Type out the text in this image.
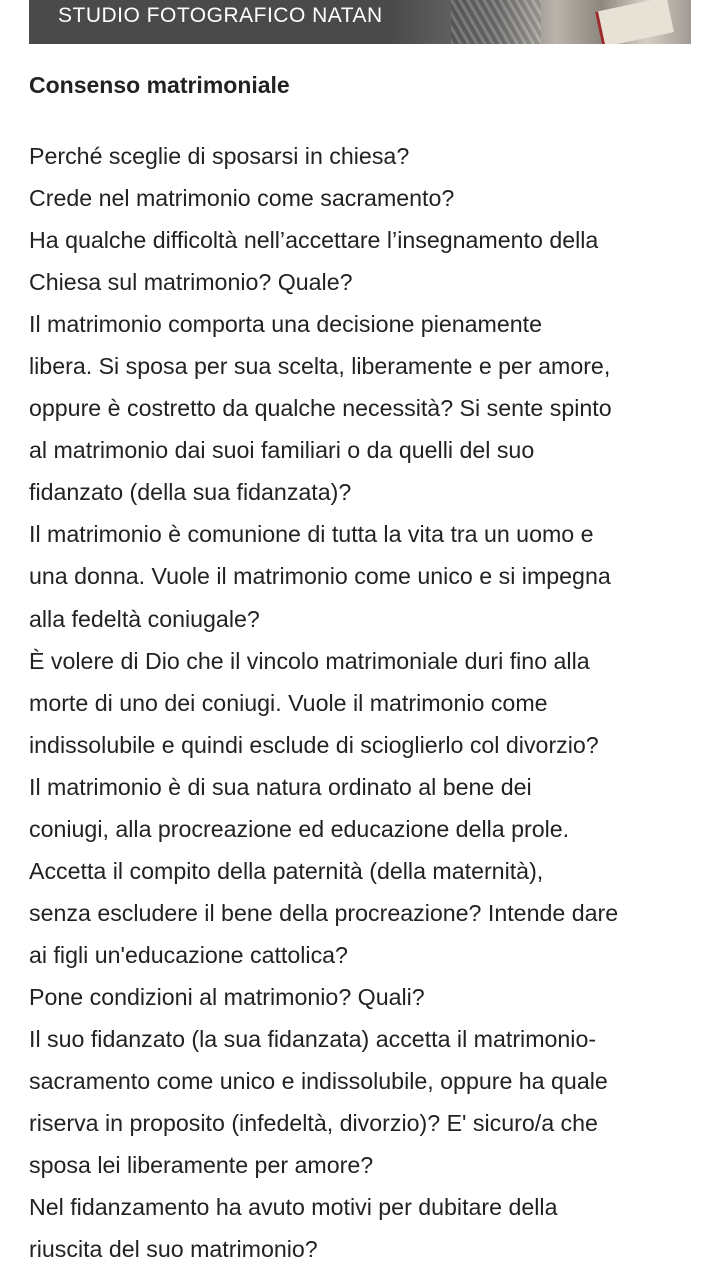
STUDIO FOTOGRAFICO NATAN
Consenso matrimoniale
Perché sceglie di sposarsi in chiesa?
Crede nel matrimonio come sacramento?
Ha qualche difficoltà nell’accettare l’insegnamento della
Chiesa sul matrimonio? Quale?
Il matrimonio comporta una decisione pienamente
libera. Si sposa per sua scelta, liberamente e per amore,
oppure è costretto da qualche necessità? Si sente spinto
al matrimonio dai suoi familiari o da quelli del suo
fidanzato (della sua fidanzata)?
Il matrimonio è comunione di tutta la vita tra un uomo e
una donna. Vuole il matrimonio come unico e si impegna
alla fedeltà coniugale?
È volere di Dio che il vincolo matrimoniale duri fino alla
morte di uno dei coniugi. Vuole il matrimonio come
indissolubile e quindi esclude di scioglierlo col divorzio?
Il matrimonio è di sua natura ordinato al bene dei
coniugi, alla procreazione ed educazione della prole.
Accetta il compito della paternità (della maternità),
senza escludere il bene della procreazione? Intende dare
ai figli un'educazione cattolica?
Pone condizioni al matrimonio? Quali?
Il suo fidanzato (la sua fidanzata) accetta il matrimonio-
sacramento come unico e indissolubile, oppure ha quale
riserva in proposito (infedeltà, divorzio)? E' sicuro/a che
sposa lei liberamente per amore?
Nel fidanzamento ha avuto motivi per dubitare della
riuscita del suo matrimonio?
